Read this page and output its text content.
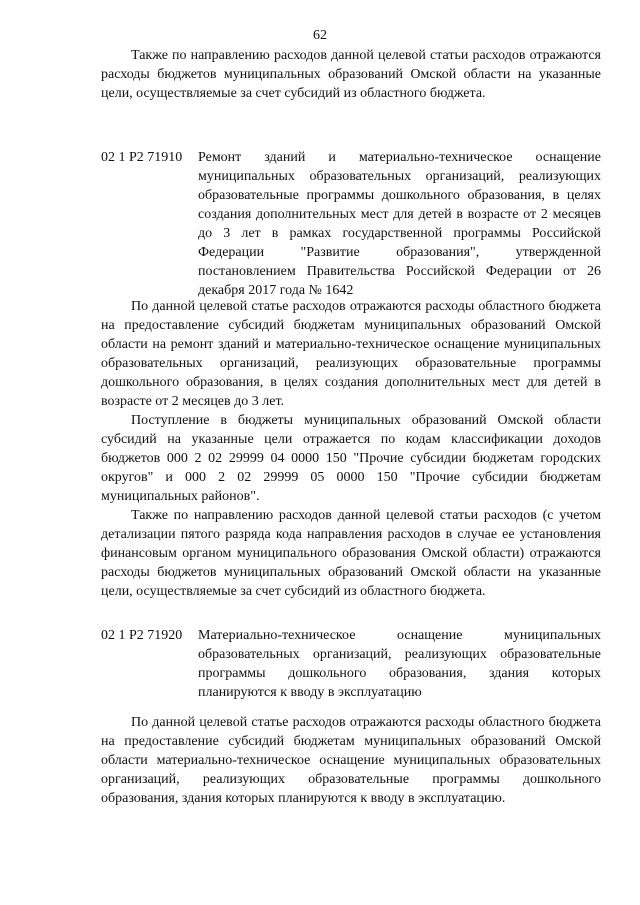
62

Также по направлению расходов данной целевой статьи расходов отражаются расходы бюджетов муниципальных образований Омской области на указанные цели, осуществляемые за счет субсидий из областного бюджета.

02 1 P2 71910 Ремонт зданий и материально-техническое оснащение муниципальных образовательных организаций, реализующих образовательные программы дошкольного образования, в целях создания дополнительных мест для детей в возрасте от 2 месяцев до 3 лет в рамках государственной программы Российской Федерации "Развитие образования", утвержденной постановлением Правительства Российской Федерации от 26 декабря 2017 года № 1642

По данной целевой статье расходов отражаются расходы областного бюджета на предоставление субсидий бюджетам муниципальных образований Омской области на ремонт зданий и материально-техническое оснащение муниципальных образовательных организаций, реализующих образовательные программы дошкольного образования, в целях создания дополнительных мест для детей в возрасте от 2 месяцев до 3 лет.

Поступление в бюджеты муниципальных образований Омской области субсидий на указанные цели отражается по кодам классификации доходов бюджетов 000 2 02 29999 04 0000 150 "Прочие субсидии бюджетам городских округов" и 000 2 02 29999 05 0000 150 "Прочие субсидии бюджетам муниципальных районов".

Также по направлению расходов данной целевой статьи расходов (с учетом детализации пятого разряда кода направления расходов в случае ее установления финансовым органом муниципального образования Омской области) отражаются расходы бюджетов муниципальных образований Омской области на указанные цели, осуществляемые за счет субсидий из областного бюджета.

02 1 P2 71920 Материально-техническое оснащение муниципальных образовательных организаций, реализующих образовательные программы дошкольного образования, здания которых планируются к вводу в эксплуатацию

По данной целевой статье расходов отражаются расходы областного бюджета на предоставление субсидий бюджетам муниципальных образований Омской области материально-техническое оснащение муниципальных образовательных организаций, реализующих образовательные программы дошкольного образования, здания которых планируются к вводу в эксплуатацию.
